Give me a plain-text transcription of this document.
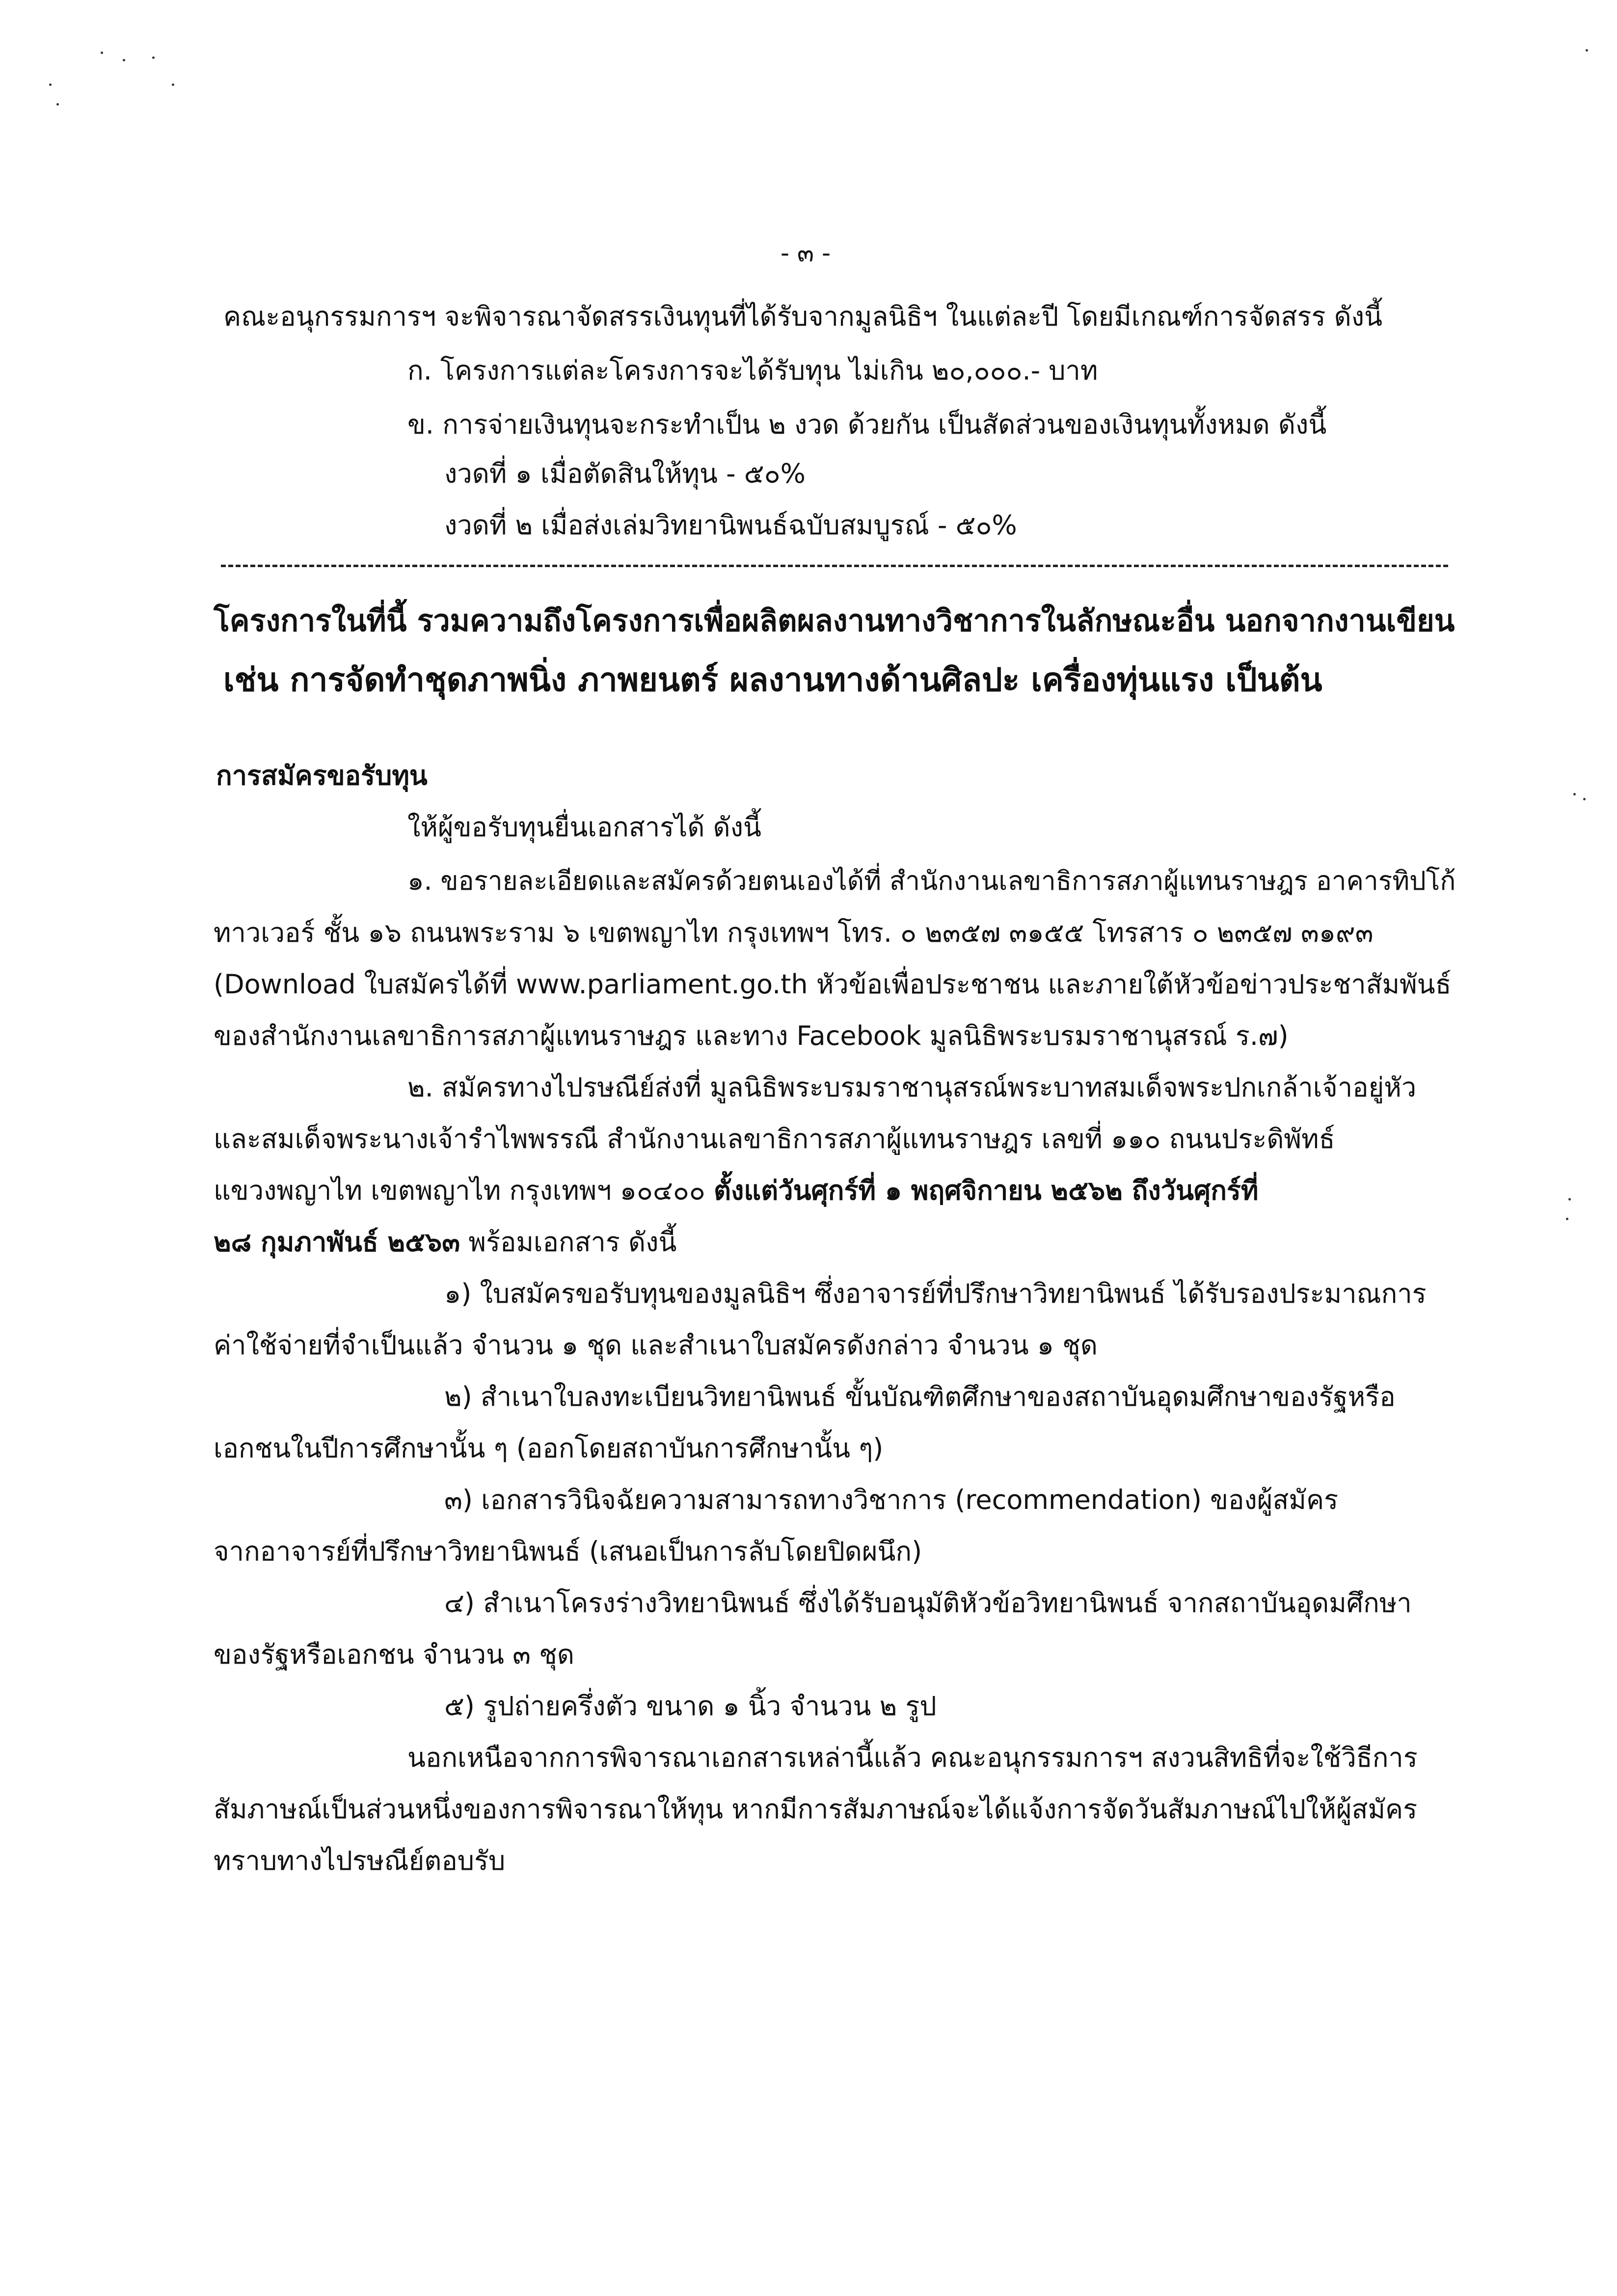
- ๓ -
คณะอนุกรรมการฯ จะพิจารณาจัดสรรเงินทุนที่ได้รับจากมูลนิธิฯ ในแต่ละปี โดยมีเกณฑ์การจัดสรร ดังนี้
ก. โครงการแต่ละโครงการจะได้รับทุน ไม่เกิน ๒๐,๐๐๐.- บาท
ข. การจ่ายเงินทุนจะกระทำเป็น ๒ งวด ด้วยกัน เป็นสัดส่วนของเงินทุนทั้งหมด ดังนี้
งวดที่ ๑ เมื่อตัดสินให้ทุน - ๕๐%
งวดที่ ๒ เมื่อส่งเล่มวิทยานิพนธ์ฉบับสมบูรณ์ - ๕๐%
โครงการในที่นี้ รวมความถึงโครงการเพื่อผลิตผลงานทางวิชาการในลักษณะอื่น นอกจากงานเขียน
เช่น การจัดทำชุดภาพนิ่ง ภาพยนตร์ ผลงานทางด้านศิลปะ เครื่องทุ่นแรง เป็นต้น
การสมัครขอรับทุน
ให้ผู้ขอรับทุนยื่นเอกสารได้ ดังนี้
๑. ขอรายละเอียดและสมัครด้วยตนเองได้ที่ สำนักงานเลขาธิการสภาผู้แทนราษฎร อาคารทิปโก้
ทาวเวอร์ ชั้น ๑๖ ถนนพระราม ๖ เขตพญาไท กรุงเทพฯ โทร. ๐ ๒๓๕๗ ๓๑๕๕ โทรสาร ๐ ๒๓๕๗ ๓๑๙๓
(Download ใบสมัครได้ที่ www.parliament.go.th หัวข้อเพื่อประชาชน และภายใต้หัวข้อข่าวประชาสัมพันธ์
ของสำนักงานเลขาธิการสภาผู้แทนราษฎร และทาง Facebook มูลนิธิพระบรมราชานุสรณ์ ร.๗)
๒. สมัครทางไปรษณีย์ส่งที่ มูลนิธิพระบรมราชานุสรณ์พระบาทสมเด็จพระปกเกล้าเจ้าอยู่หัว
และสมเด็จพระนางเจ้ารำไพพรรณี สำนักงานเลขาธิการสภาผู้แทนราษฎร เลขที่ ๑๑๐ ถนนประดิพัทธ์
แขวงพญาไท เขตพญาไท กรุงเทพฯ ๑๐๔๐๐ ตั้งแต่วันศุกร์ที่ ๑ พฤศจิกายน ๒๕๖๒ ถึงวันศุกร์ที่
๒๘ กุมภาพันธ์ ๒๕๖๓ พร้อมเอกสาร ดังนี้
๑) ใบสมัครขอรับทุนของมูลนิธิฯ ซึ่งอาจารย์ที่ปรึกษาวิทยานิพนธ์ ได้รับรองประมาณการ
ค่าใช้จ่ายที่จำเป็นแล้ว จำนวน ๑ ชุด และสำเนาใบสมัครดังกล่าว จำนวน ๑ ชุด
๒) สำเนาใบลงทะเบียนวิทยานิพนธ์ ขั้นบัณฑิตศึกษาของสถาบันอุดมศึกษาของรัฐหรือ
เอกชนในปีการศึกษานั้น ๆ (ออกโดยสถาบันการศึกษานั้น ๆ)
๓) เอกสารวินิจฉัยความสามารถทางวิชาการ (recommendation) ของผู้สมัคร
จากอาจารย์ที่ปรึกษาวิทยานิพนธ์ (เสนอเป็นการลับโดยปิดผนึก)
๔) สำเนาโครงร่างวิทยานิพนธ์ ซึ่งได้รับอนุมัติหัวข้อวิทยานิพนธ์ จากสถาบันอุดมศึกษา
ของรัฐหรือเอกชน จำนวน ๓ ชุด
๕) รูปถ่ายครึ่งตัว ขนาด ๑ นิ้ว จำนวน ๒ รูป
นอกเหนือจากการพิจารณาเอกสารเหล่านี้แล้ว คณะอนุกรรมการฯ สงวนสิทธิที่จะใช้วิธีการ
สัมภาษณ์เป็นส่วนหนึ่งของการพิจารณาให้ทุน หากมีการสัมภาษณ์จะได้แจ้งการจัดวันสัมภาษณ์ไปให้ผู้สมัคร
ทราบทางไปรษณีย์ตอบรับ
